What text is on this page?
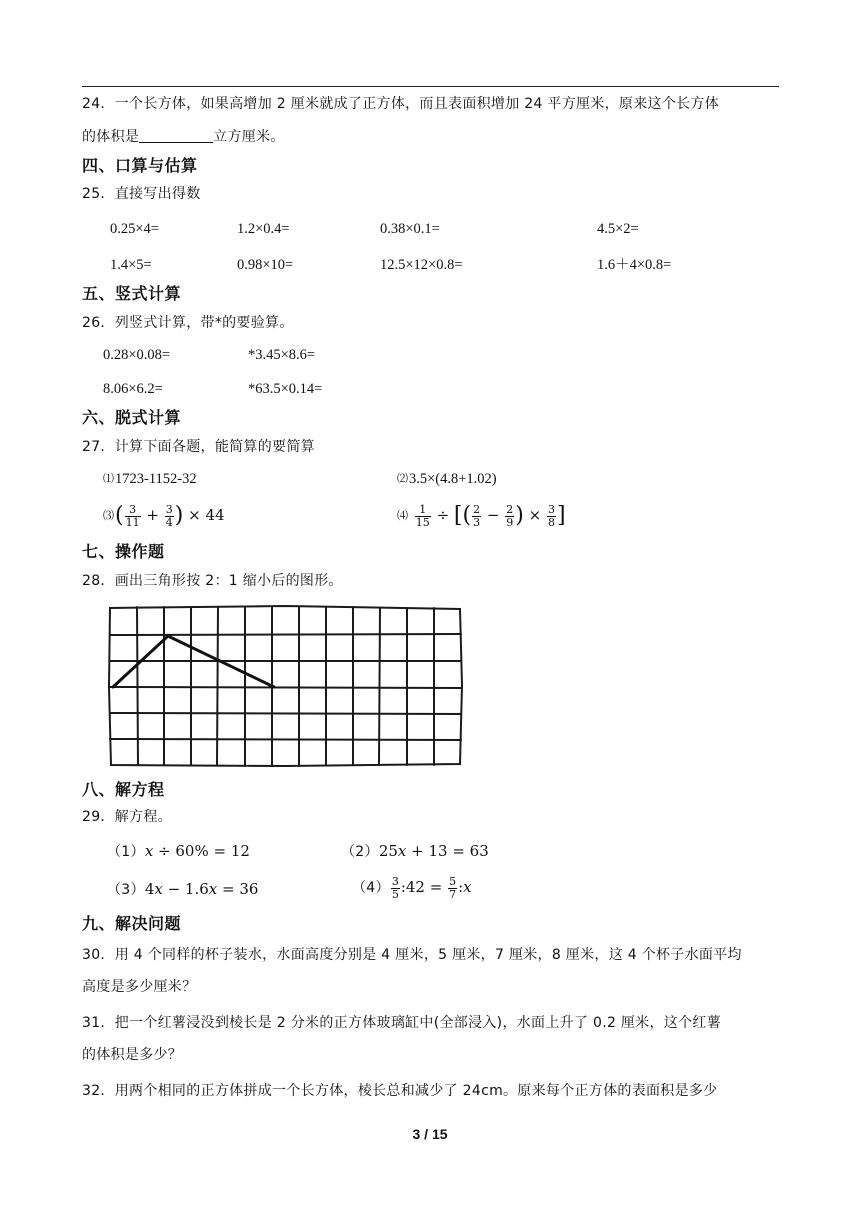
24．一个长方体，如果高增加 2 厘米就成了正方体，而且表面积增加 24 平方厘米，原来这个长方体
的体积是	立方厘米。
四、口算与估算
25．直接写出得数
0.25×4=	1.2×0.4=	0.38×0.1=	4.5×2=
1.4×5=	0.98×10=	12.5×12×0.8=	1.6＋4×0.8=
五、竖式计算
26．列竖式计算，带*的要验算。
0.28×0.08=	*3.45×8.6=
8.06×6.2=	*63.5×0.14=
六、脱式计算
27．计算下面各题，能简算的要简算
⑴1723-1152-32	⑵3.5×(4.8+1.02)
⑶( $\frac{3}{11} + \frac{3}{4}$ ) × 44	⑷ $\frac{1}{15}$ ÷ [( $\frac{2}{3} - \frac{2}{9}$ ) × $\frac{3}{8}$ ]
七、操作题
28．画出三角形按 2：1 缩小后的图形。
八、解方程
29．解方程。
（1）𝑥 ÷ 60% = 12	（2）25𝑥 + 13 = 63
（3）4𝑥 − 1.6𝑥 = 36	$(4) \frac{3}{5}$ :42 = $\frac{5}{7}$ :𝑥
九、解决问题
30．用 4 个同样的杯子装水，水面高度分别是 4 厘米，5 厘米，7 厘米，8 厘米，这 4 个杯子水面平均
高度是多少厘米？
31．把一个红薯浸没到棱长是 2 分米的正方体玻璃缸中(全部浸入)，水面上升了 0.2 厘米，这个红薯
的体积是多少？
32．用两个相同的正方体拼成一个长方体，棱长总和减少了 24cm。原来每个正方体的表面积是多少
3 / 15
